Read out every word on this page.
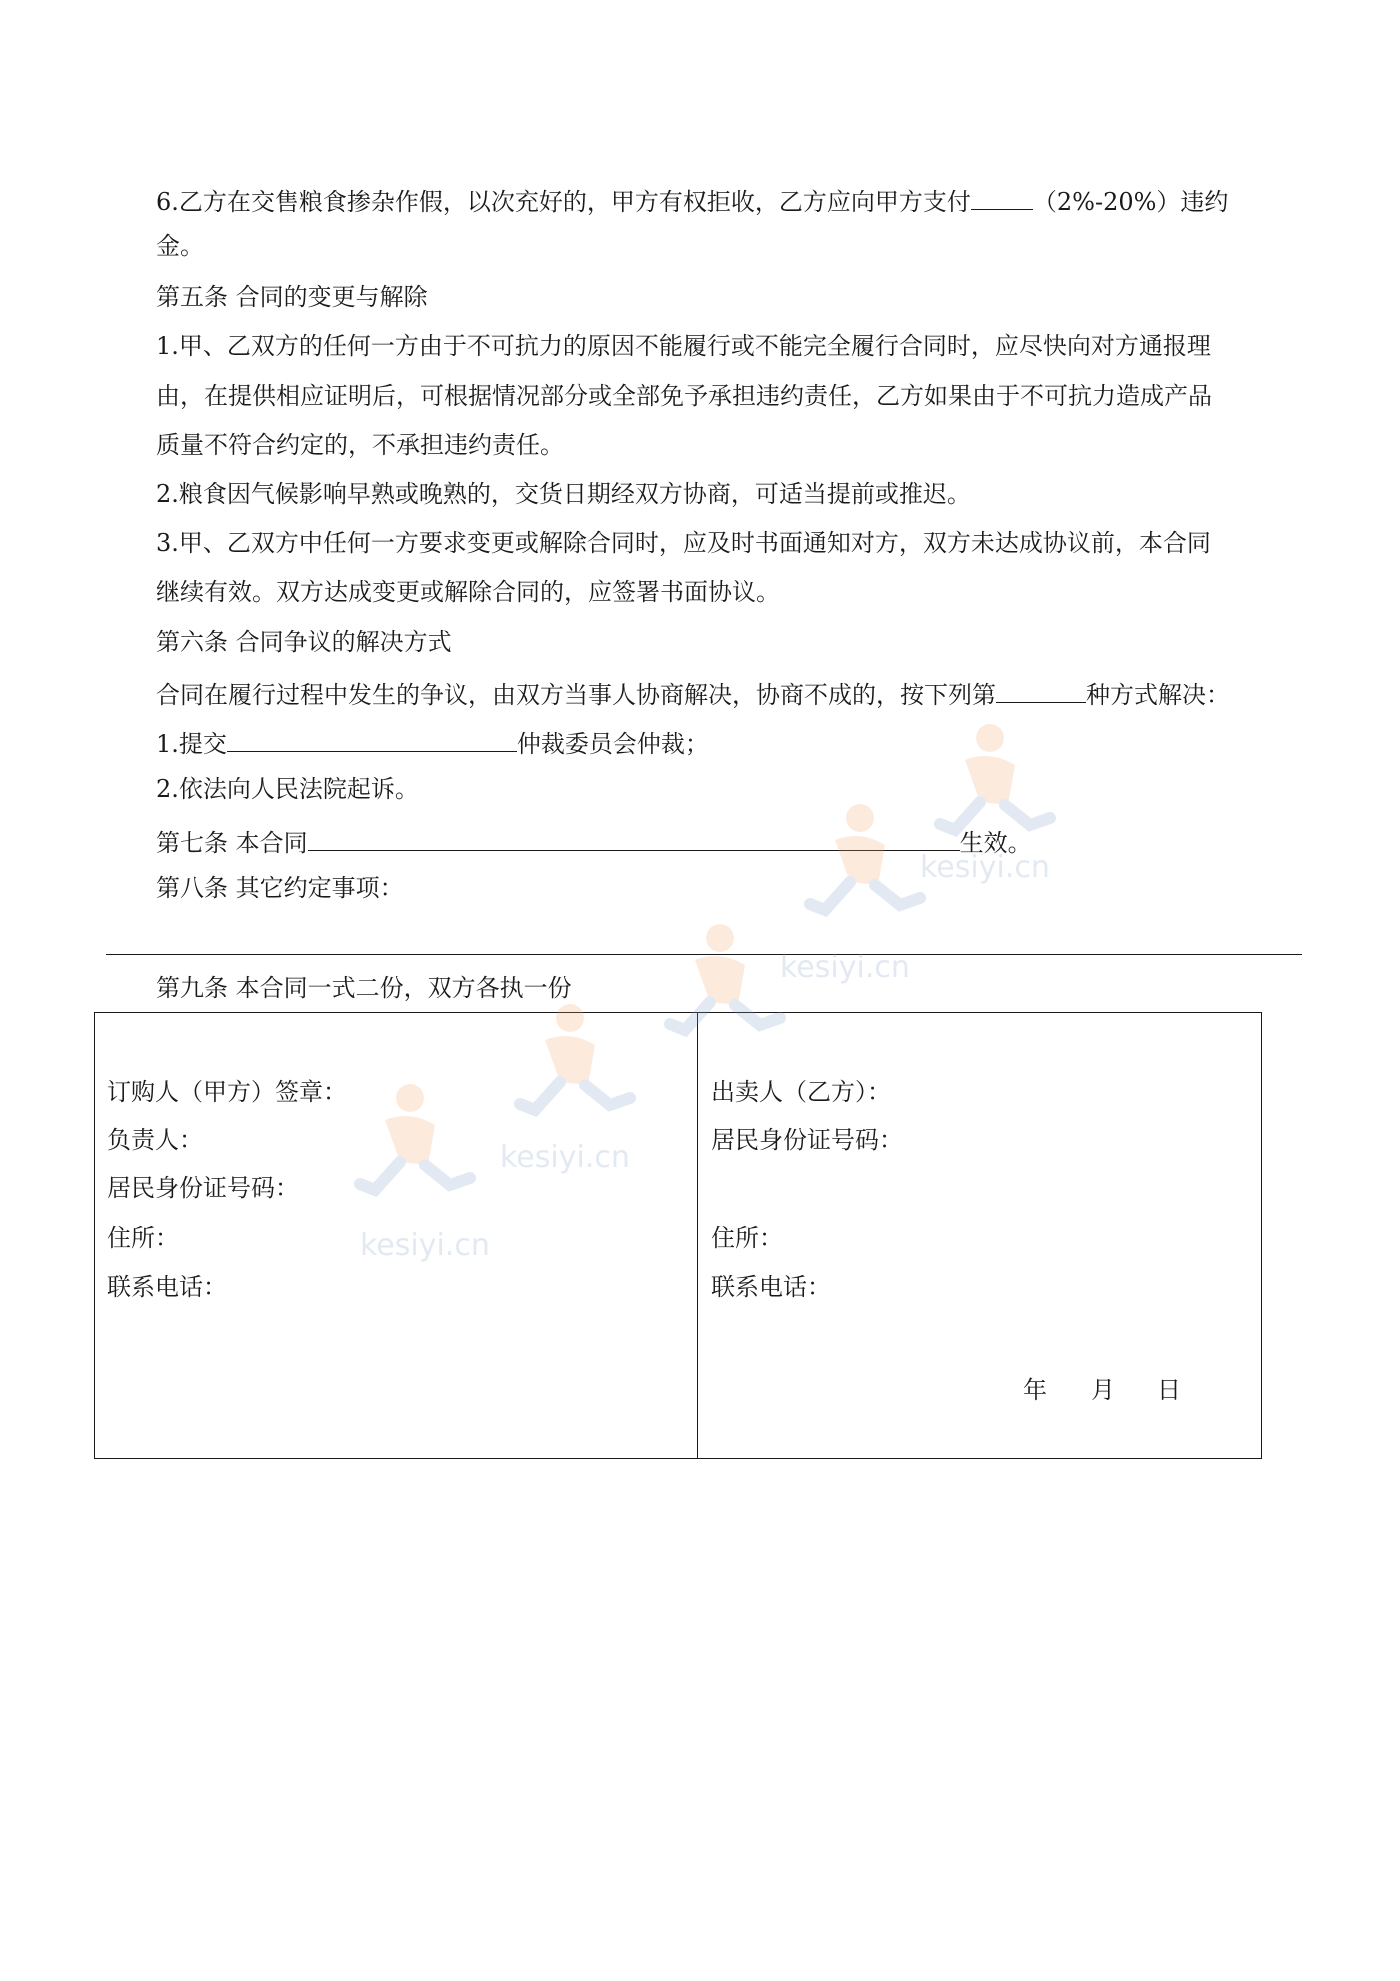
6.乙方在交售粮食掺杂作假，以次充好的，甲方有权拒收，乙方应向甲方支付	（2%-20%）违约
金。
第五条 合同的变更与解除
1.甲、乙双方的任何一方由于不可抗力的原因不能履行或不能完全履行合同时，应尽快向对方通报理
由，在提供相应证明后，可根据情况部分或全部免予承担违约责任，乙方如果由于不可抗力造成产品
质量不符合约定的，不承担违约责任。
2.粮食因气候影响早熟或晚熟的，交货日期经双方协商，可适当提前或推迟。
3.甲、乙双方中任何一方要求变更或解除合同时，应及时书面通知对方，双方未达成协议前，本合同
继续有效。双方达成变更或解除合同的，应签署书面协议。
第六条 合同争议的解决方式
合同在履行过程中发生的争议，由双方当事人协商解决，协商不成的，按下列第	种方式解决：
1.提交	仲裁委员会仲裁；
2.依法向人民法院起诉。
第七条 本合同	生效。
第八条 其它约定事项：
第九条 本合同一式二份，双方各执一份
订购人（甲方）签章：
负责人：
居民身份证号码：
住所：
联系电话：
出卖人（乙方）：
居民身份证号码：
住所：
联系电话：
年 月 日
kesiyi.cn
kesiyi.cn
kesiyi.cn
kesiyi.cn
